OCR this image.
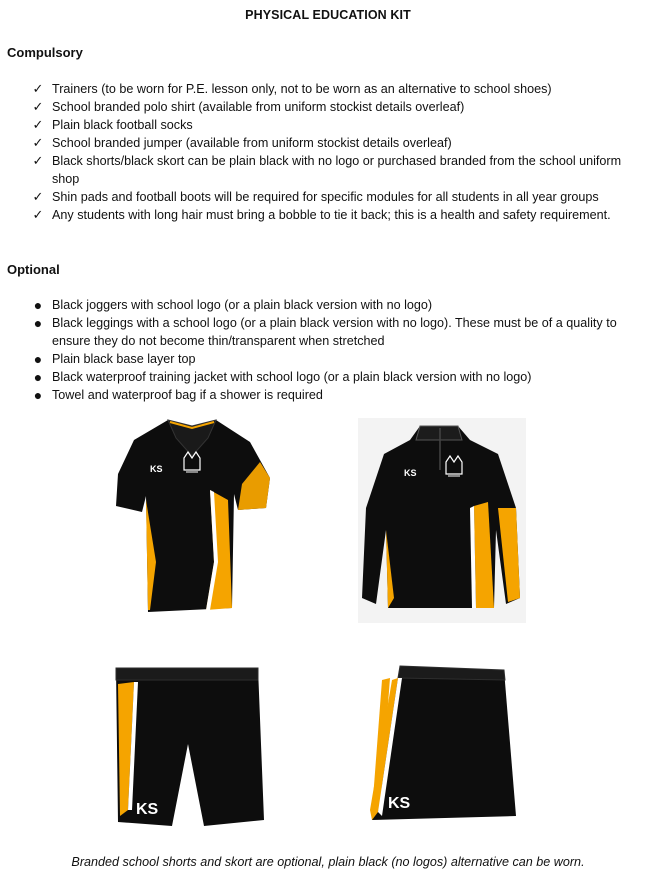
PHYSICAL EDUCATION KIT
Compulsory
✓ Trainers (to be worn for P.E. lesson only, not to be worn as an alternative to school shoes)
✓ School branded polo shirt (available from uniform stockist details overleaf)
✓ Plain black football socks
✓ School branded jumper (available from uniform stockist details overleaf)
✓ Black shorts/black skort can be plain black with no logo or purchased branded from the school uniform shop
✓ Shin pads and football boots will be required for specific modules for all students in all year groups
✓ Any students with long hair must bring a bobble to tie it back; this is a health and safety requirement.
Optional
● Black joggers with school logo (or a plain black version with no logo)
● Black leggings with a school logo (or a plain black version with no logo). These must be of a quality to ensure they do not become thin/transparent when stretched
● Plain black base layer top
● Black waterproof training jacket with school logo (or a plain black version with no logo)
● Towel and waterproof bag if a shower is required
KS	KS
KS	KS
Branded school shorts and skort are optional, plain black (no logos) alternative can be worn.
